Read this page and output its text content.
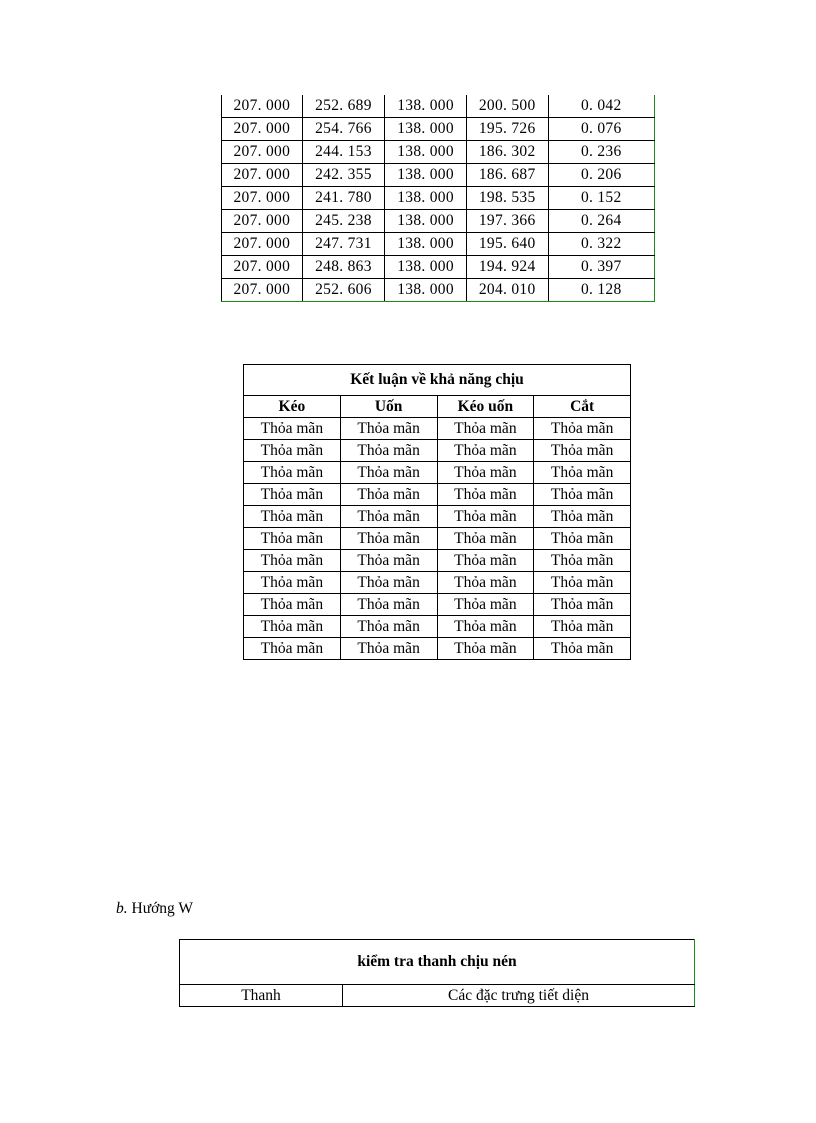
207. 000	252. 689	138. 000	200. 500	0. 042
207. 000	254. 766	138. 000	195. 726	0. 076
207. 000	244. 153	138. 000	186. 302	0. 236
207. 000	242. 355	138. 000	186. 687	0. 206
207. 000	241. 780	138. 000	198. 535	0. 152
207. 000	245. 238	138. 000	197. 366	0. 264
207. 000	247. 731	138. 000	195. 640	0. 322
207. 000	248. 863	138. 000	194. 924	0. 397
207. 000	252. 606	138. 000	204. 010	0. 128
Kết luận về khả năng chịu			
Kéo	Uốn	Kéo uốn	Cắt
Thỏa mãn	Thỏa mãn	Thỏa mãn	Thỏa mãn
Thỏa mãn	Thỏa mãn	Thỏa mãn	Thỏa mãn
Thỏa mãn	Thỏa mãn	Thỏa mãn	Thỏa mãn
Thỏa mãn	Thỏa mãn	Thỏa mãn	Thỏa mãn
Thỏa mãn	Thỏa mãn	Thỏa mãn	Thỏa mãn
Thỏa mãn	Thỏa mãn	Thỏa mãn	Thỏa mãn
Thỏa mãn	Thỏa mãn	Thỏa mãn	Thỏa mãn
Thỏa mãn	Thỏa mãn	Thỏa mãn	Thỏa mãn
Thỏa mãn	Thỏa mãn	Thỏa mãn	Thỏa mãn
Thỏa mãn	Thỏa mãn	Thỏa mãn	Thỏa mãn
Thỏa mãn	Thỏa mãn	Thỏa mãn	Thỏa mãn
b. Hướng W
kiểm tra thanh chịu nén
Thanh	Các đặc trưng tiết diện
